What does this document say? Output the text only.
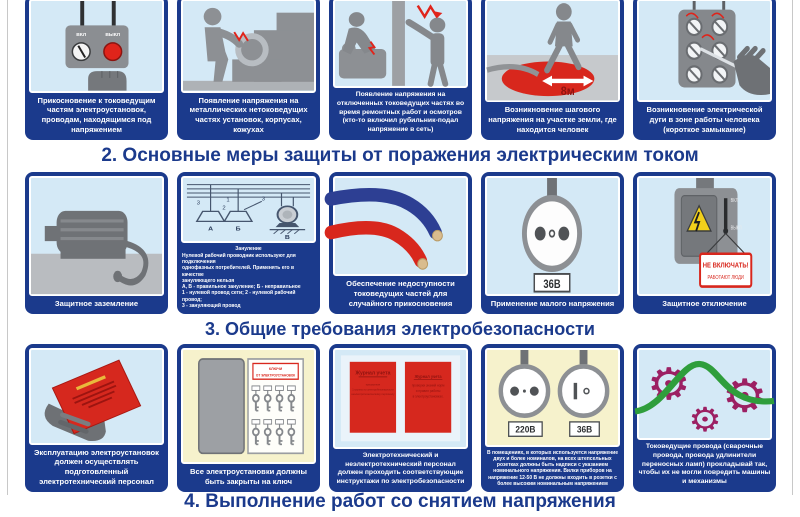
ВКЛ	ВЫКЛ
Прикосновение к токоведущим частям электроустановок, проводам, находящимся под напряжением
Появление напряжения на металлических нетоковедущих частях установок, корпусах, кожухах
Появление напряжения на отключенных токоведущих частях во время ремонтных работ и осмотров (кто-то включил рубильник-подал напряжение в сеть)
8м
Возникновение шагового напряжения на участке земли, где находится человек
Возникновение электрической дуги в зоне работы человека (короткое замыкание)
2. Основные меры защиты от поражения электрическим током
Защитное заземление
А	Б
В
3
1
2
3
Зануление
Нулевой рабочий проводник используют для подключения
однофазных потребителей. Применять его в качестве
зануляющего нельзя
А, В - правильное зануление; Б - неправильное
1 - нулевой провод сети; 2 - нулевой рабочий провод;
3 - зануляющий провод
Обеспечение недоступности токоведущих частей для случайного прикосновения
36В
Применение малого напряжения
ВКЛ
ВЫКЛ
НЕ ВКЛЮЧАТЬ!
РАБОТАЮТ ЛЮДИ
Защитное отключение
3. Общие требования электробезопасности
Эксплуатацию электроустановок должен осуществлять подготовленный электротехнический персонал
КЛЮЧИ
ОТ ЭЛЕКТРОУСТАНОВОК
Все электроустановки должны быть закрыты на ключ
Журнал учета
присвоения
1 группы по электробезопасности
неэлектротехническому персоналу
Журнал учета
проверки знаний норм
и правил работы
в электроустановках.
Электротехнический и неэлектротехнический персонал должен проходить соответствующие инструктажи по электробезопасности
220В	36В
В помещениях, в которых используется напряжение двух и более номиналов, на всех штепсельных розетках должны быть надписи с указанием номинального напряжения. Вилки приборов на напряжение 12-50 В не должны входить в розетки с более высоким номинальным напряжением
⚙
⚙ ⚙
Токоведущие провода (сварочные провода, провода удлинители переносных ламп) прокладывай так, чтобы их не могли повредить машины и механизмы
4. Выполнение работ со снятием напряжения
